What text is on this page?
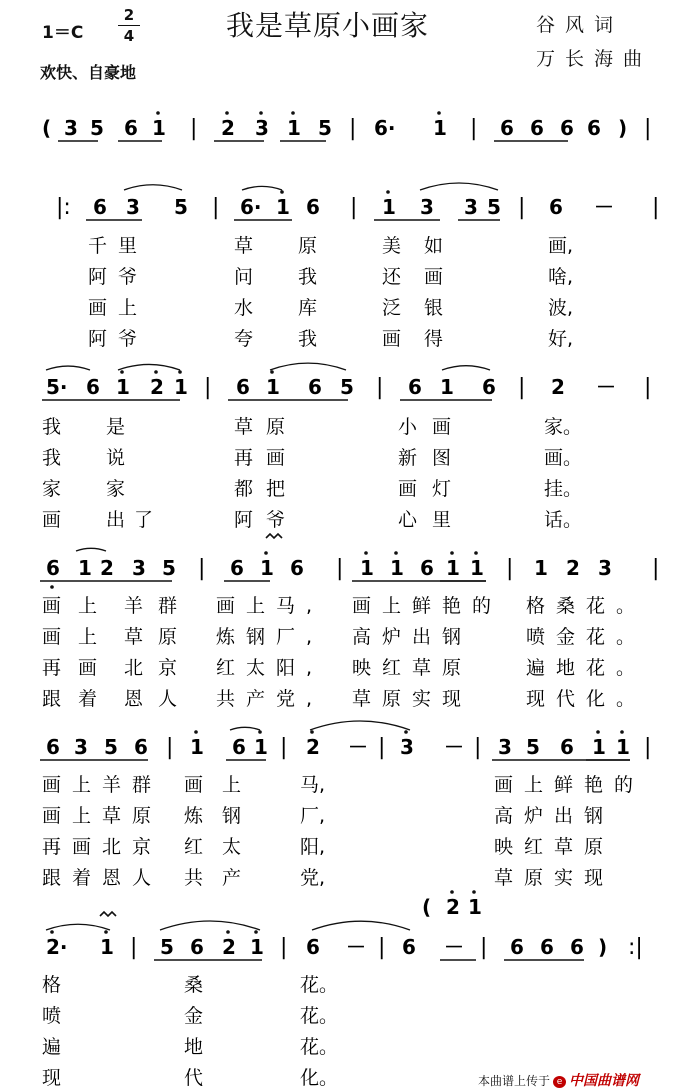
1＝C
2
4	我是草原小画家	谷风词
万长海曲
欢快、自豪地
( 3 5 6 1 | 2 3 1 5 | 6· 1 | 6 6 6 6 ) |
|: 6 3 5 | 6· 1 6 | 1 3 3 5 | 6 － |
千 里	草 原	美 如	画,
阿 爷	问 我	还 画	啥,
画 上	水 库	泛 银	波,
阿 爷	夸 我	画 得	好,
5· 6 1 2 1 | 6 1 6 5 | 6 1 6 | 2 － |
我 是	草 原	小 画	家。
我 说	再 画	新 图	画。
家 家	都 把	画 灯	挂。
画 出 了	阿 爷	心 里	话。
6 1 2 3 5 | 6 1 6 | 1 1 6 1 1 | 1 2 3 |
画 上 羊 群 画上马, 画上鲜艳的 格桑花。
画 上 草 原 炼钢厂, 高炉出钢	喷金花。
再 画 北 京 红太阳, 映红草原	遍地花。
跟 着 恩 人 共产党, 草原实现	现代化。
6 3 5 6 | 1 6 1 | 2 － | 3 － | 3 5 6 1 1 |
画上羊群 画 上	马,	画上鲜艳的
画上草原 炼 钢	厂,	高炉出钢
再画北京 红 太	阳,	映红草原
跟着恩人 共 产	党,	草原实现
( 2 1
2· 1 | 5 6 2 1 | 6 － | 6 － | 6 6 6 ) :|
格	桑	花。
喷	金	花。
遍	地	花。
现	代	化。	本曲谱上传于 e 中国曲谱网
